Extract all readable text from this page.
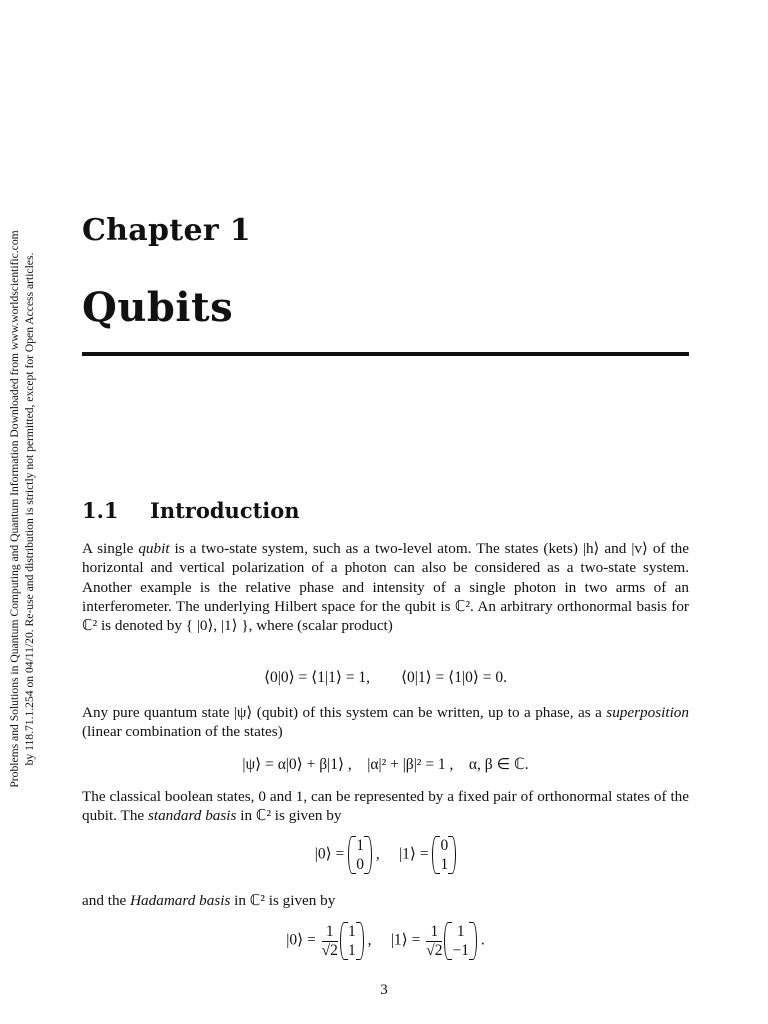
Problems and Solutions in Quantum Computing and Quantum Information Downloaded from www.worldscientific.com by 118.71.1.254 on 04/11/20. Re-use and distribution is strictly not permitted, except for Open Access articles.
Chapter 1
Qubits
1.1 Introduction
A single qubit is a two-state system, such as a two-level atom. The states (kets) |h⟩ and |v⟩ of the horizontal and vertical polarization of a photon can also be considered as a two-state system. Another example is the relative phase and intensity of a single photon in two arms of an interferometer. The underlying Hilbert space for the qubit is ℂ². An arbitrary orthonormal basis for ℂ² is denoted by { |0⟩, |1⟩ }, where (scalar product)
⟨0|0⟩ = ⟨1|1⟩ = 1,        ⟨0|1⟩ = ⟨1|0⟩ = 0.
Any pure quantum state |ψ⟩ (qubit) of this system can be written, up to a phase, as a superposition (linear combination of the states)
|ψ⟩ = α|0⟩ + β|1⟩ ,    |α|² + |β|² = 1 ,    α, β ∈ ℂ.
The classical boolean states, 0 and 1, can be represented by a fixed pair of orthonormal states of the qubit. The standard basis in ℂ² is given by
|0⟩ =
1
0
,     |1⟩ =
0
1
and the Hadamard basis in ℂ² is given by
|0⟩ = $\frac{1}{√2} 1$
1
,     |1⟩ = $\frac{1}{√2} 1$
−1
.
3
